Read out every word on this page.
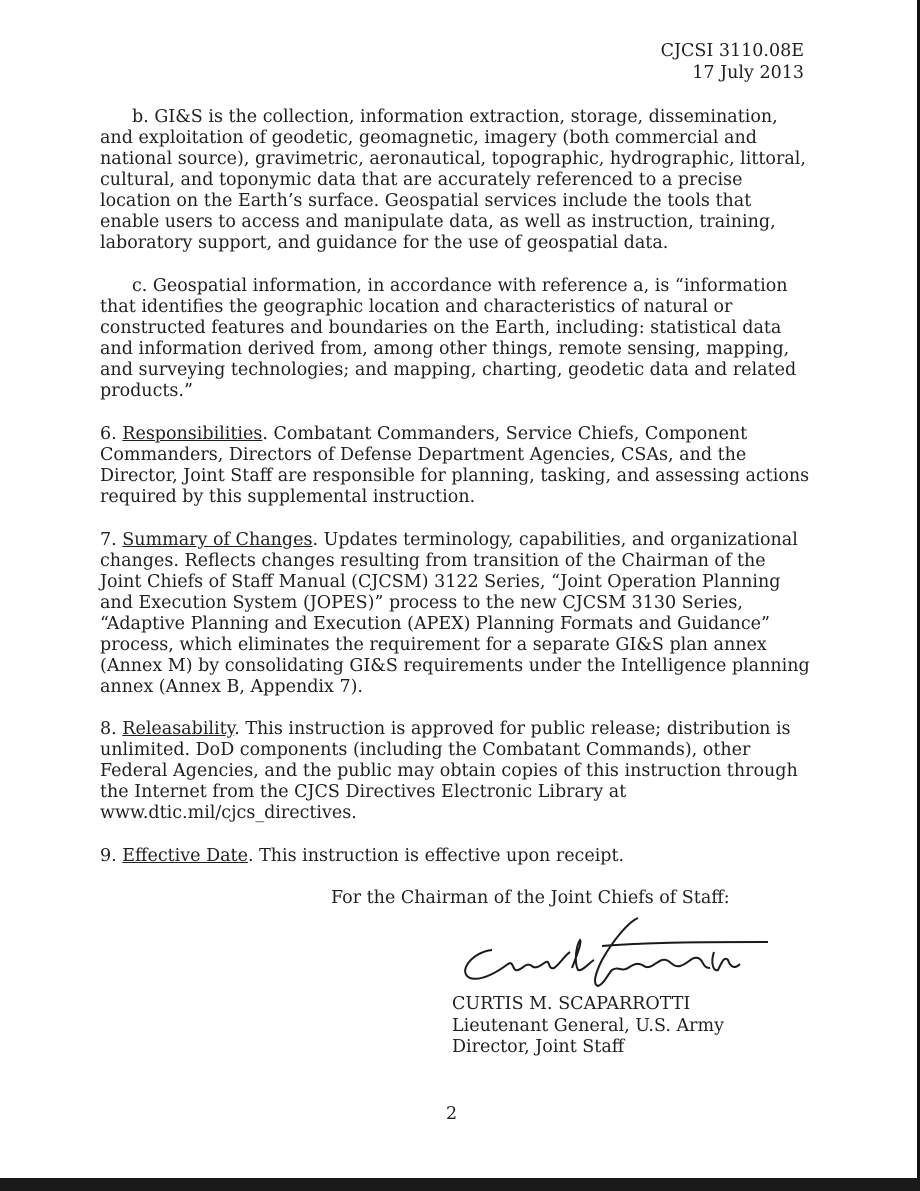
CJCSI 3110.08E
17 July 2013

b. GI&S is the collection, information extraction, storage, dissemination, and exploitation of geodetic, geomagnetic, imagery (both commercial and national source), gravimetric, aeronautical, topographic, hydrographic, littoral, cultural, and toponymic data that are accurately referenced to a precise location on the Earth’s surface. Geospatial services include the tools that enable users to access and manipulate data, as well as instruction, training, laboratory support, and guidance for the use of geospatial data.

c. Geospatial information, in accordance with reference a, is “information that identifies the geographic location and characteristics of natural or constructed features and boundaries on the Earth, including: statistical data and information derived from, among other things, remote sensing, mapping, and surveying technologies; and mapping, charting, geodetic data and related products.”

6. Responsibilities. Combatant Commanders, Service Chiefs, Component Commanders, Directors of Defense Department Agencies, CSAs, and the Director, Joint Staff are responsible for planning, tasking, and assessing actions required by this supplemental instruction.

7. Summary of Changes. Updates terminology, capabilities, and organizational changes. Reflects changes resulting from transition of the Chairman of the Joint Chiefs of Staff Manual (CJCSM) 3122 Series, “Joint Operation Planning and Execution System (JOPES)” process to the new CJCSM 3130 Series, “Adaptive Planning and Execution (APEX) Planning Formats and Guidance” process, which eliminates the requirement for a separate GI&S plan annex (Annex M) by consolidating GI&S requirements under the Intelligence planning annex (Annex B, Appendix 7).

8. Releasability. This instruction is approved for public release; distribution is unlimited. DoD components (including the Combatant Commands), other Federal Agencies, and the public may obtain copies of this instruction through the Internet from the CJCS Directives Electronic Library at www.dtic.mil/cjcs_directives.

9. Effective Date. This instruction is effective upon receipt.

For the Chairman of the Joint Chiefs of Staff:
CURTIS M. SCAPARROTTI
Lieutenant General, U.S. Army
Director, Joint Staff
2
